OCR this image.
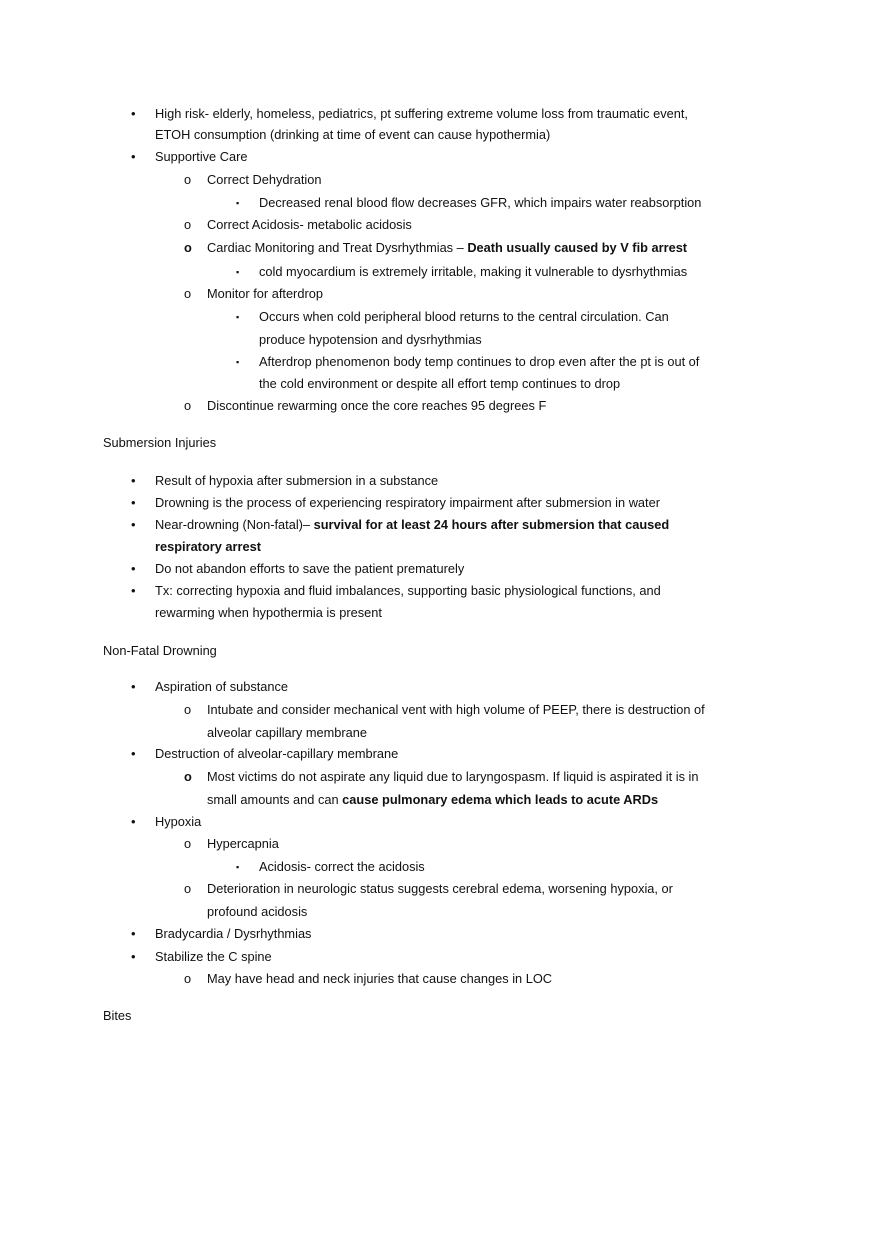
• High risk- elderly, homeless, pediatrics, pt suffering extreme volume loss from traumatic event,
ETOH consumption (drinking at time of event can cause hypothermia)
• Supportive Care
o Correct Dehydration
▪ Decreased renal blood flow decreases GFR, which impairs water reabsorption
o Correct Acidosis- metabolic acidosis
o Cardiac Monitoring and Treat Dysrhythmias – Death usually caused by V fib arrest
▪ cold myocardium is extremely irritable, making it vulnerable to dysrhythmias
o Monitor for afterdrop
▪ Occurs when cold peripheral blood returns to the central circulation. Can
produce hypotension and dysrhythmias
▪ Afterdrop phenomenon body temp continues to drop even after the pt is out of
the cold environment or despite all effort temp continues to drop
o Discontinue rewarming once the core reaches 95 degrees F
Submersion Injuries
• Result of hypoxia after submersion in a substance
• Drowning is the process of experiencing respiratory impairment after submersion in water
• Near-drowning (Non-fatal)– survival for at least 24 hours after submersion that caused
respiratory arrest
• Do not abandon efforts to save the patient prematurely
• Tx: correcting hypoxia and fluid imbalances, supporting basic physiological functions, and
rewarming when hypothermia is present
Non-Fatal Drowning
• Aspiration of substance
o Intubate and consider mechanical vent with high volume of PEEP, there is destruction of
alveolar capillary membrane
• Destruction of alveolar-capillary membrane
o Most victims do not aspirate any liquid due to laryngospasm. If liquid is aspirated it is in
small amounts and can cause pulmonary edema which leads to acute ARDs
• Hypoxia
o Hypercapnia
▪ Acidosis- correct the acidosis
o Deterioration in neurologic status suggests cerebral edema, worsening hypoxia, or
profound acidosis
• Bradycardia / Dysrhythmias
• Stabilize the C spine
o May have head and neck injuries that cause changes in LOC
Bites
